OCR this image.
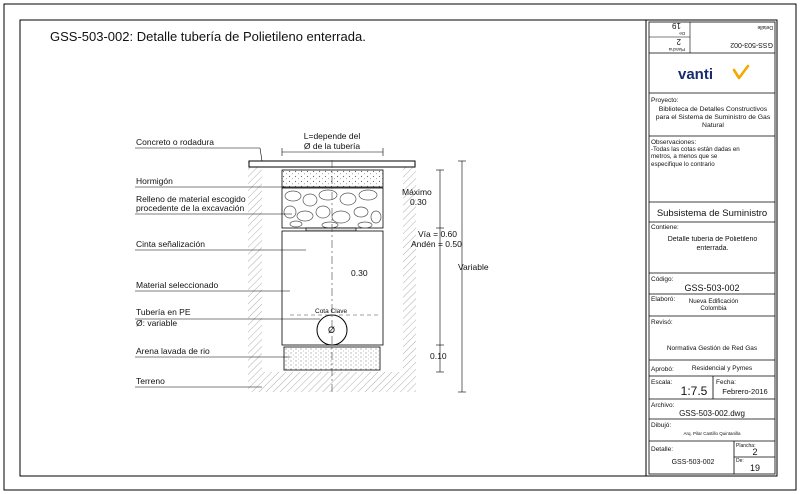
GSS-503-002: Detalle tubería de Polietileno enterrada.
Cota Clave
Ø
L=depende del
Ø de la tubería
Máximo
0.30
Vía = 0.60
Andén = 0.50
Variable
0.30
0.10
Concreto o rodadura
Hormigón
Relleno de material escogido
procedente de la excavación
Cinta señalización
Material seleccionado
Tubería en PE
Ø: variable
Arena lavada de rio
Terreno
GSS-503-002
Detalle
2
Plancha
19
De
vanti
Proyecto:
Biblioteca de Detalles Constructivos para el Sistema de Suministro de Gas Natural
Observaciones:
-Todas las cotas están dadas en metros, a menos que se especifique lo contrario
Subsistema de Suministro
Contiene:
Detalle tubería de Polietileno enterrada.
Código:
GSS-503-002
Elaboró:	Nueva Edificación Colombia
Revisó:
Normativa Gestión de Red Gas
Aprobó:	Residencial y Pymes
Escala:
1:7.5
Fecha:
Febrero-2016
Archivo:
GSS-503-002.dwg
Dibujó:
Arq. Pilar Castillo Quintanilla
Detalle:
GSS-503-002
Plancha:
2
De:
19
